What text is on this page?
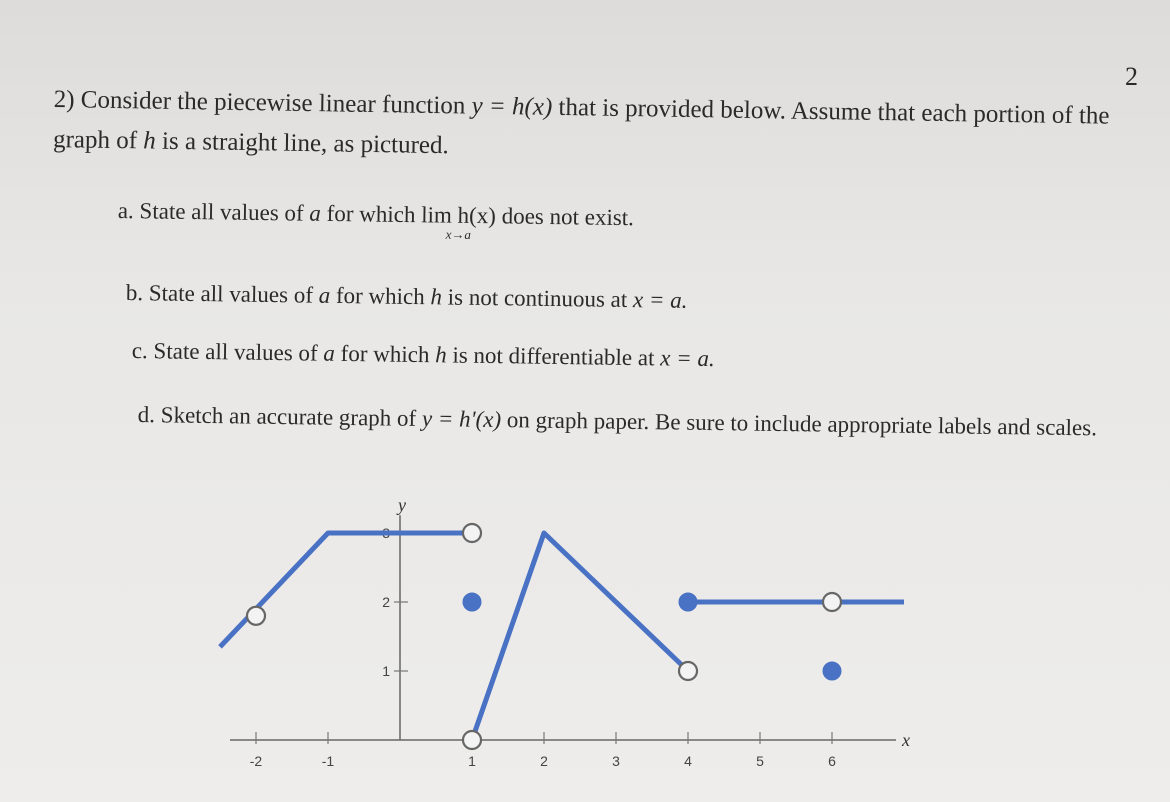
2
2) Consider the piecewise linear function y = h(x) that is provided below. Assume that each portion of the graph of h is a straight line, as pictured.
a. State all values of a for which lim h(x)
x→a
does not exist.
b. State all values of a for which h is not continuous at x = a.
c. State all values of a for which h is not differentiable at x = a.
d. Sketch an accurate graph of y = h'(x) on graph paper. Be sure to include appropriate labels and scales.
x
y
-2	-1	1	2	3	4	5	6
1
2
3
